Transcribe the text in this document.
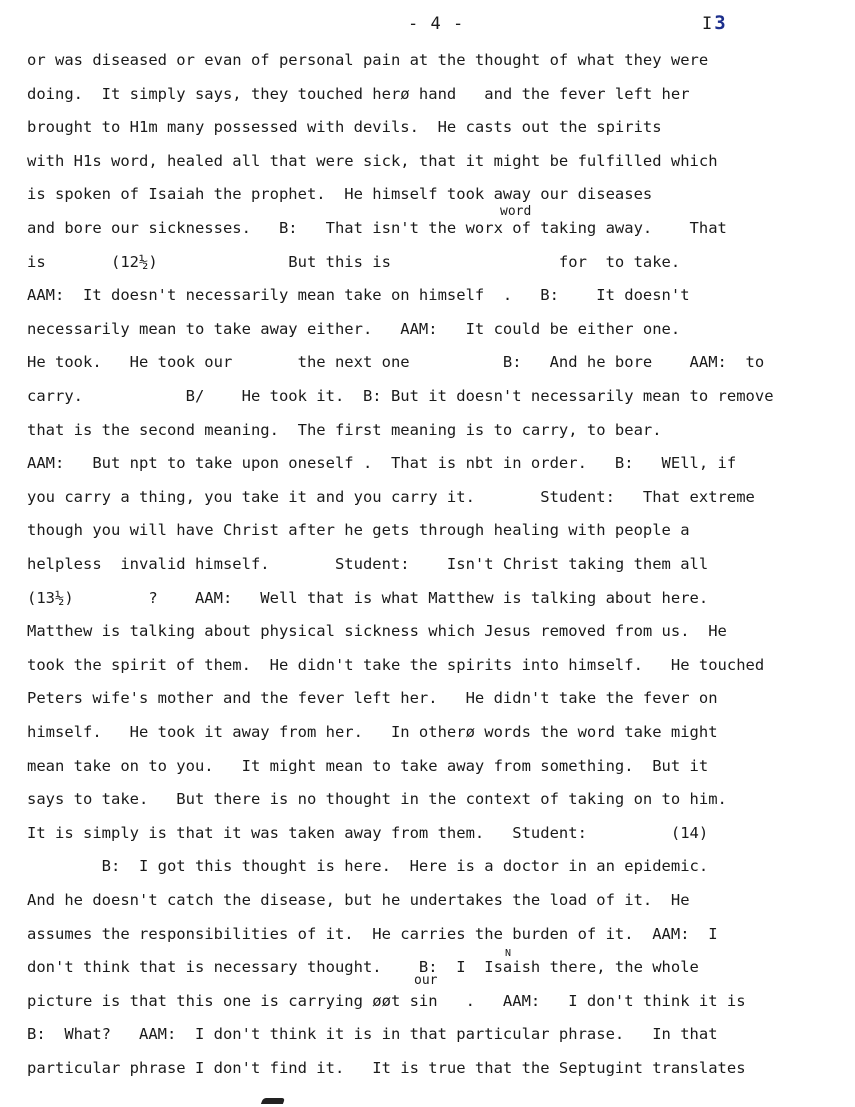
- 4 -	I 3
word
our
N
or was diseased or evan of personal pain at the thought of what they were
doing.  It simply says, they touched herø hand   and the fever left her
brought to H1m many possessed with devils.  He casts out the spirits
with H1s word, healed all that were sick, that it might be fulfilled which
is spoken of Isaiah the prophet.  He himself took away our diseases
and bore our sicknesses.   B:   That isn't the worx of taking away.    That
is       (12½)              But this is                  for  to take.
AAM:  It doesn't necessarily mean take on himself  .   B:    It doesn't
necessarily mean to take away either.   AAM:   It could be either one.
He took.   He took our       the next one          B:   And he bore    AAM:  to
carry.           B/    He took it.  B: But it doesn't necessarily mean to remove
that is the second meaning.  The first meaning is to carry, to bear.
AAM:   But npt to take upon oneself .  That is nbt in order.   B:   WEll, if
you carry a thing, you take it and you carry it.       Student:   That extreme
though you will have Christ after he gets through healing with people a
helpless  invalid himself.       Student:    Isn't Christ taking them all
(13½)        ?    AAM:   Well that is what Matthew is talking about here.
Matthew is talking about physical sickness which Jesus removed from us.  He
took the spirit of them.  He didn't take the spirits into himself.   He touched
Peters wife's mother and the fever left her.   He didn't take the fever on
himself.   He took it away from her.   In otherø words the word take might
mean take on to you.   It might mean to take away from something.  But it
says to take.   But there is no thought in the context of taking on to him.
It is simply is that it was taken away from them.   Student:         (14)
B:  I got this thought is here.  Here is a doctor in an epidemic.
And he doesn't catch the disease, but he undertakes the load of it.  He
assumes the responsibilities of it.  He carries the burden of it.  AAM:  I
don't think that is necessary thought.    B:  I  Isaish there, the whole
picture is that this one is carrying øøt sin   .   AAM:   I don't think it is
B:  What?   AAM:  I don't think it is in that particular phrase.   In that
particular phrase I don't find it.   It is true that the Septugint translates
